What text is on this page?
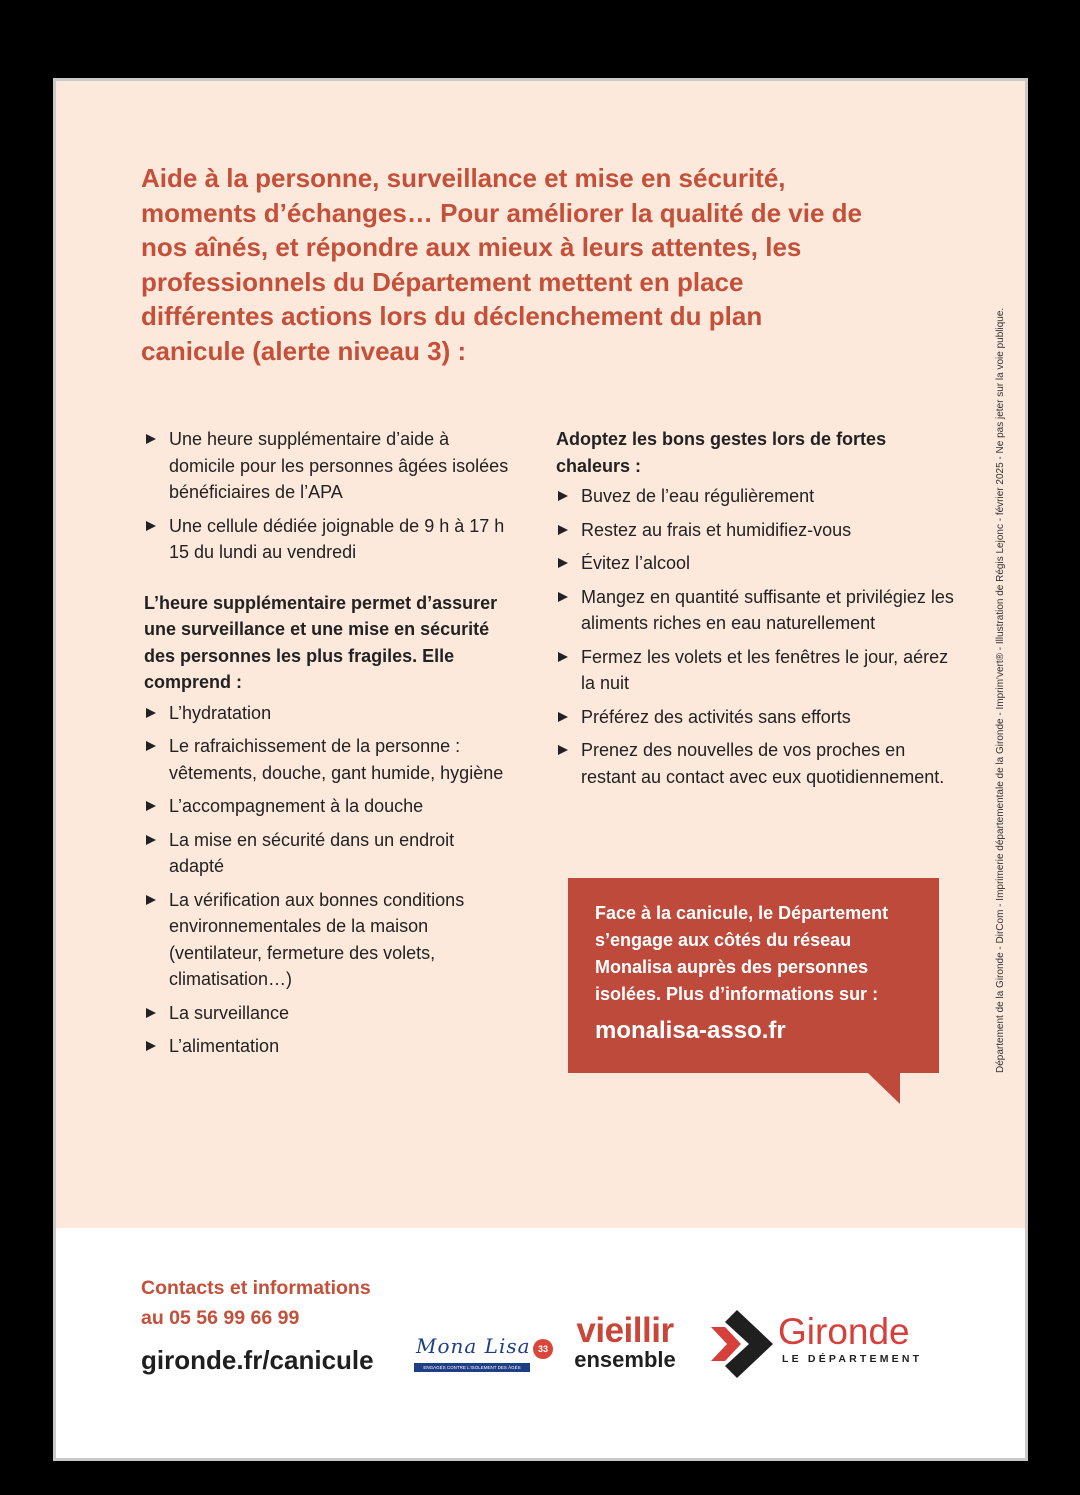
Aide à la personne, surveillance et mise en sécurité, moments d’échanges… Pour améliorer la qualité de vie de nos aînés, et répondre aux mieux à leurs attentes, les professionnels du Département mettent en place différentes actions lors du déclenchement du plan canicule (alerte niveau 3) :	Département de la Gironde - DirCom - Imprimerie départementale de la Gironde - Imprim'vert® - Illustration de Régis Lejonc - février 2025 - Ne pas jeter sur la voie publique.
Une heure supplémentaire d’aide à domicile pour les personnes âgées isolées bénéficiaires de l’APA
Une cellule dédiée joignable de 9 h à 17 h 15 du lundi au vendredi

L’heure supplémentaire permet d’assurer une surveillance et une mise en sécurité des personnes les plus fragiles. Elle comprend :

L’hydratation
Le rafraichissement de la personne : vêtements, douche, gant humide, hygiène
L’accompagnement à la douche
La mise en sécurité dans un endroit adapté
La vérification aux bonnes conditions environnementales de la maison (ventilateur, fermeture des volets, climatisation…)
La surveillance
L’alimentation

Adoptez les bons gestes lors de fortes chaleurs :

Buvez de l’eau régulièrement
Restez au frais et humidifiez-vous
Évitez l’alcool
Mangez en quantité suffisante et privilégiez les aliments riches en eau naturellement
Fermez les volets et les fenêtres le jour, aérez la nuit
Préférez des activités sans efforts
Prenez des nouvelles de vos proches en restant au contact avec eux quotidiennement.

Face à la canicule, le Département s’engage aux côtés du réseau Monalisa auprès des personnes isolées. Plus d’informations sur :

monalisa-asso.fr

Contacts et informations
au 05 56 99 66 99
gironde.fr/canicule Mona Lisa
ENGAGÉS CONTRE L'ISOLEMENT DES ÂGÉS
33 vieillir
ensemble
Gironde
LE DÉPARTEMENT
